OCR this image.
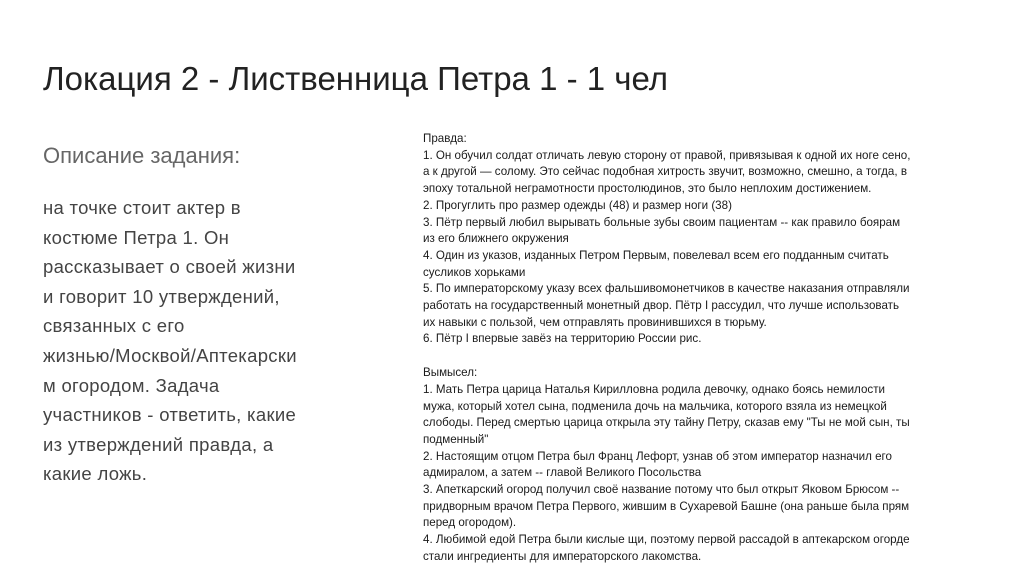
Локация 2 - Лиственница Петра 1 - 1 чел
Описание задания:
на точке стоит актер в
костюме Петра 1. Он
рассказывает о своей жизни
и говорит 10 утверждений,
связанных с его
жизнью/Москвой/Аптекарски
м огородом. Задача
участников - ответить, какие
из утверждений правда, а
какие ложь.
Правда:
1. Он обучил солдат отличать левую сторону от правой, привязывая к одной их ноге сено,
а к другой — солому. Это сейчас подобная хитрость звучит, возможно, смешно, а тогда, в
эпоху тотальной неграмотности простолюдинов, это было неплохим достижением.
2. Прогуглить про размер одежды (48) и размер ноги (38)
3. Пётр первый любил вырывать больные зубы своим пациентам -- как правило боярам
из его ближнего окружения
4. Один из указов, изданных Петром Первым, повелевал всем его подданным считать
сусликов хорьками
5. По императорскому указу всех фальшивомонетчиков в качестве наказания отправляли
работать на государственный монетный двор. Пётр I рассудил, что лучше использовать
их навыки с пользой, чем отправлять провинившихся в тюрьму.
6. Пётр I впервые завёз на территорию России рис.
Вымысел:
1. Мать Петра царица Наталья Кирилловна родила девочку, однако боясь немилости
мужа, который хотел сына, подменила дочь на мальчика, которого взяла из немецкой
слободы. Перед смертью царица открыла эту тайну Петру, сказав ему "Ты не мой сын, ты
подменный"
2. Настоящим отцом Петра был Франц Лефорт, узнав об этом император назначил его
адмиралом, а затем -- главой Великого Посольства
3. Апеткарский огород получил своё название потому что был открыт Яковом Брюсом --
придворным врачом Петра Первого, жившим в Сухаревой Башне (она раньше была прям
перед огородом).
4. Любимой едой Петра были кислые щи, поэтому первой рассадой в аптекарском огорде
стали ингредиенты для императорского лакомства.
